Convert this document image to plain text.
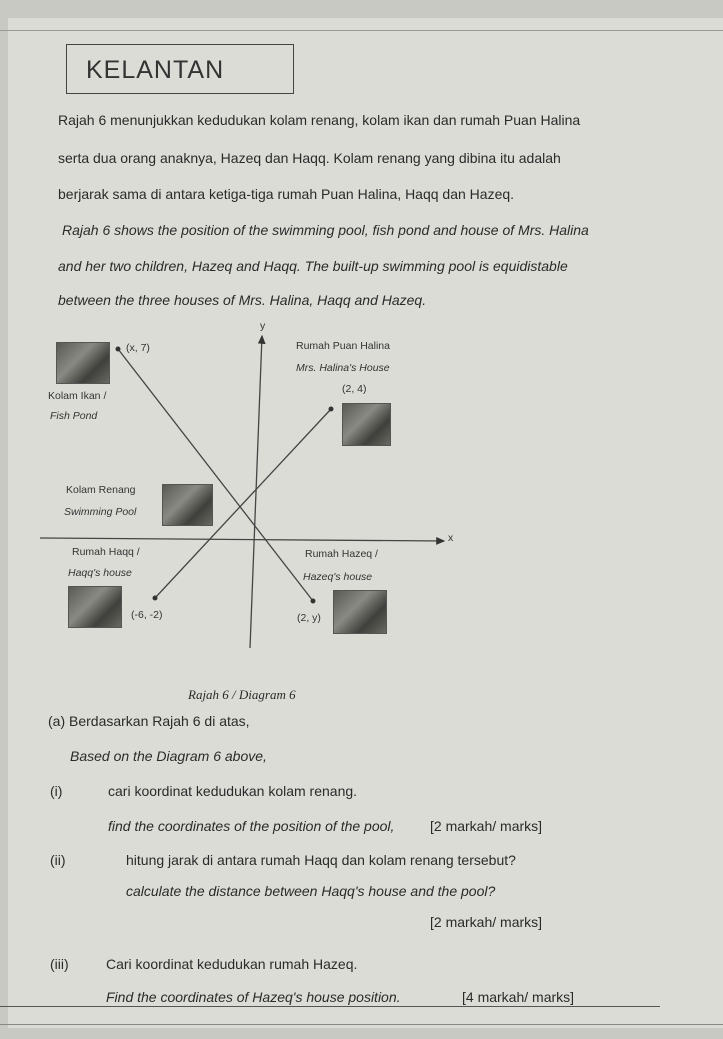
KELANTAN
Rajah 6 menunjukkan kedudukan kolam renang, kolam ikan dan rumah Puan Halina
serta dua orang anaknya, Hazeq dan Haqq. Kolam renang yang dibina itu adalah
berjarak sama di antara ketiga-tiga rumah Puan Halina, Haqq dan Hazeq.
Rajah 6 shows the position of the swimming pool, fish pond and house of Mrs. Halina
and her two children, Hazeq and Haqq. The built-up swimming pool is equidistable
between the three houses of Mrs. Halina, Haqq and Hazeq.
y
x
(x, 7)
Kolam Ikan /
Fish Pond
Rumah Puan Halina
Mrs. Halina's House
(2, 4)
Kolam Renang
Swimming Pool
Rumah Haqq /
Haqq's house
(-6, -2)
Rumah Hazeq /
Hazeq's house
(2, y)
Rajah 6 / Diagram 6
(a) Berdasarkan Rajah 6 di atas,
Based on the Diagram 6 above,
(i)	cari koordinat kedudukan kolam renang.
find the coordinates of the position of the pool,	[2 markah/ marks]
(ii)	hitung jarak di antara rumah Haqq dan kolam renang tersebut?
calculate the distance between Haqq's house and the pool?
[2 markah/ marks]
(iii)	Cari koordinat kedudukan rumah Hazeq.
Find the coordinates of Hazeq's house position.	[4 markah/ marks]
